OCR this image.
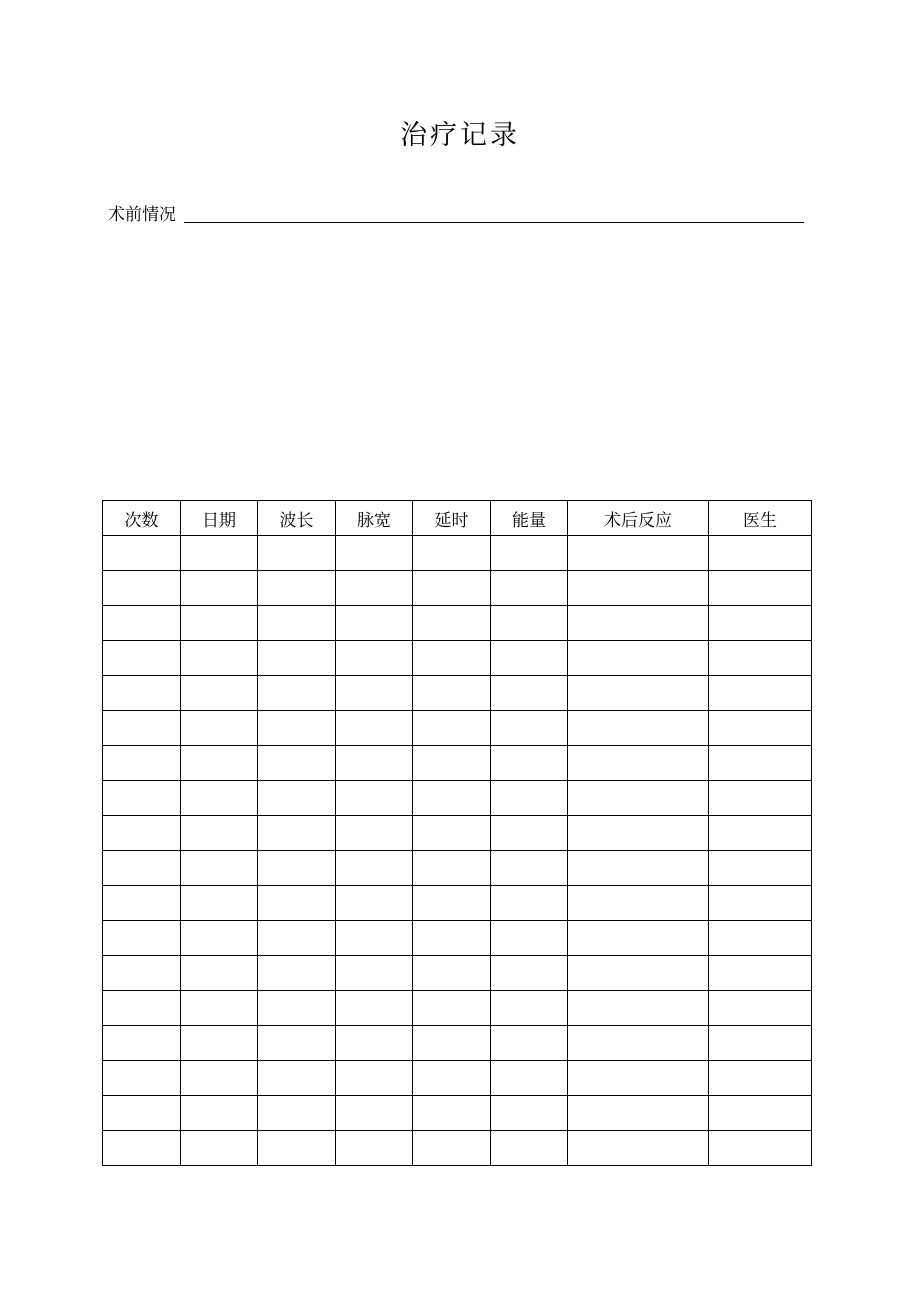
治疗记录
术前情况
次数	日期	波长	脉宽	延时	能量	术后反应	医生
